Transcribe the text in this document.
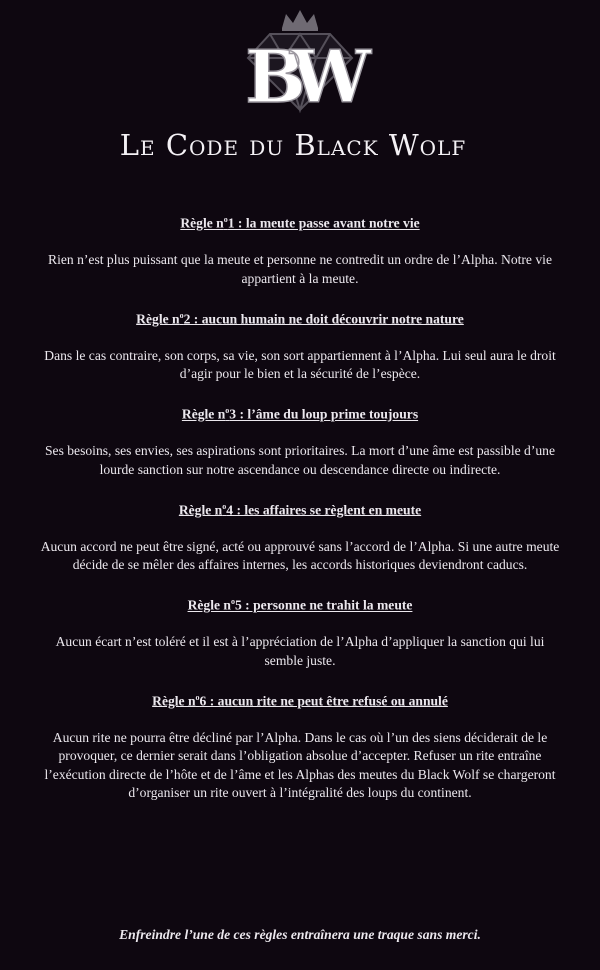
BW
Le Code du Black Wolf

Règle $n^o1$ : la meute passe avant notre vie

Rien n’est plus puissant que la meute et personne ne contredit un ordre de l’Alpha. Notre vie appartient à la meute.

Règle $n^o2$ : aucun humain ne doit découvrir notre nature

Dans le cas contraire, son corps, sa vie, son sort appartiennent à l’Alpha. Lui seul aura le droit d’agir pour le bien et la sécurité de l’espèce.

Règle $n^o3$ : l’âme du loup prime toujours

Ses besoins, ses envies, ses aspirations sont prioritaires. La mort d’une âme est passible d’une lourde sanction sur notre ascendance ou descendance directe ou indirecte.

Règle $n^o4$ : les affaires se règlent en meute

Aucun accord ne peut être signé, acté ou approuvé sans l’accord de l’Alpha. Si une autre meute décide de se mêler des affaires internes, les accords historiques deviendront caducs.

Règle $n^o5$ : personne ne trahit la meute

Aucun écart n’est toléré et il est à l’appréciation de l’Alpha d’appliquer la sanction qui lui semble juste.

Règle $n^o6$ : aucun rite ne peut être refusé ou annulé

Aucun rite ne pourra être décliné par l’Alpha. Dans le cas où l’un des siens déciderait de le provoquer, ce dernier serait dans l’obligation absolue d’accepter. Refuser un rite entraîne l’exécution directe de l’hôte et de l’âme et les Alphas des meutes du Black Wolf se chargeront d’organiser un rite ouvert à l’intégralité des loups du continent.

Enfreindre l’une de ces règles entraînera une traque sans merci.
